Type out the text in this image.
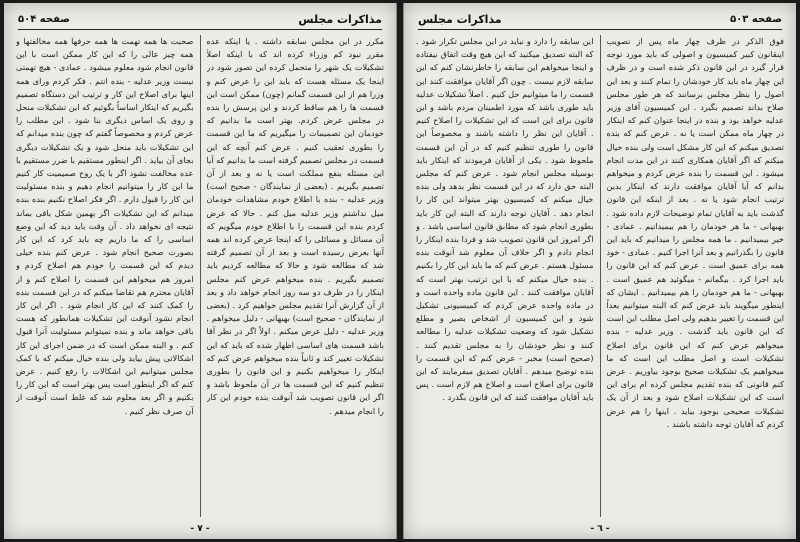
مذاکرات مجلس
صفحه ۵۰۴

مکرر در این مجلس سابقه داشته . یا اینکه عده مقرر نبود کم وزراء کرده اند که با اینکه اصلاً تشکیلات یک شهر را متحمل کرده این تصور شود در اینجا یک مسئله هست که باید این را عرض کنم و وزرا هم از این قسمت گمانم (چون) ممکن است این قسمت ها را هم ساقط کردند و این پرسش را بنده در مجلس عرض کردم. بهتر است ما بدانیم که خودمان این تصمیمات را میگیریم که ما این قسمت را بطوری تعقیب کنیم . عرض کنم آنچه که این قسمت در مجلس تصمیم گرفته است ما بدانیم که آیا این مسئله بنفع مملکت است یا نه و بعد از آن تصمیم بگیریم . (بعضی از نمایندگان - صحیح است) وزیر عدلیه - بنده با اطلاع خودم مشاهدات خودمان میل نداشتم وزیر عدلیه میل کنم . حالا که عرض کردم بنده این قسمت را با اطلاع خودم میگویم که آن مسائل و مسائلی را که اینجا عرض کرده اند همه آنها بعرض رسیده است و بعد از آن تصمیم گرفته شد که مطالعه شود و حالا که مطالعه کردیم باید تصمیم بگیریم . بنده میخواهم عرض کنم مجلس اینکار را در ظرف دو سه روز انجام خواهد داد و بعد از آن گزارش آنرا تقدیم مجلس خواهیم کرد . (بعضی از نمایندگان - صحیح است) بهبهانی - دلیل میخواهم . وزیر عدلیه - دلیل عرض میکنم . اولاً اگر در نظر آقا باشد قسمت های اساسی اظهار شده که باید که این تشکیلات تغییر کند و ثانیاً بنده میخواهم عرض کنم که اینکار را میخواهیم بکنیم و این قانون را بطوری تنظیم کنیم که این قسمت ها در آن ملحوظ باشد و اگر این قانون تصویب شد آنوقت بنده خودم این کار را انجام میدهم .

صحبت ها همه تهمت ها همه حرفها همه مخالفتها و همه چیز عالی را که این کار ممکن است با این قانون انجام شود معلوم میشود . عمادی - هیچ تهمتی نیست وزیر عدلیه - بنده انتم . فکر کردم ورای همه اینها برای اصلاح این کار و ترتیب این دستگاه تصمیم بگیریم که اینکار اساساً بگوئیم که این تشکیلات منحل و روی یک اساس دیگری بنا شود . این مطلب را عرض کردم و مخصوصاً گفتم که چون بنده میدانم که این تشکیلات باید منحل شود و یک تشکیلات دیگری بجای آن بیاید . اگر اینطور مستقیم با ضرر مستقیم با عده مخالفت نشود اگر با یک روح صمیمیت کار کنیم ما این کار را میتوانیم انجام دهیم و بنده مسئولیت این کار را قبول دارم . اگر فکر اصلاح نکنیم بنده بنده میدانم که این تشکیلات اگر بهمین شکل باقی بماند نتیجه ای نخواهد داد . آن وقت باید دید که این وضع اساسی را که ما داریم چه باید کرد که این کار بصورت صحیح انجام شود . عرض کنم بنده خیلی دیدم که این قسمت را خودم هم اصلاح کردم و امروز هم میخواهم این قسمت را اصلاح کنم و از آقایان محترم هم تقاضا میکنم که در این قسمت بنده را کمک کنند که این کار انجام شود . اگر این کار انجام نشود آنوقت این تشکیلات همانطور که هست باقی خواهد ماند و بنده نمیتوانم مسئولیت آنرا قبول کنم . و البته ممکن است که در ضمن اجرای این کار اشکالاتی پیش بیاید ولی بنده خیال میکنم که با کمک مجلس میتوانیم این اشکالات را رفع کنیم . عرض کنم که اگر اینطور است پس بهتر است که این کار را بکنیم و اگر بعد معلوم شد که غلط است آنوقت از آن صرف نظر کنیم .

- ٧ -
صفحه ۵۰۳
مذاکرات مجلس

فوق الذکر در ظرف چهار ماه پس از تصویب اینقانون کبیر کمیسیون و اصولی که باید مورد توجه قرار گیرد در این قانون ذکر شده است و در ظرف این چهار ماه باید کار خودشان را تمام کنند و بعد این اصول را بنظر مجلس برسانند که هر طور مجلس صلاح بداند تصمیم بگیرد . این کمیسیون آقای وزیر عدلیه خواهد بود و بنده در اینجا عنوان کنم که اینکار در چهار ماه ممکن است یا نه . عرض کنم که بنده تصدیق میکنم که این کار مشکل است ولی بنده خیال میکنم که اگر آقایان همکاری کنند در این مدت انجام میشود . این قسمت را بنده عرض کردم و میخواهم بدانم که آیا آقایان موافقت دارند که اینکار بدین ترتیب انجام شود یا نه . بعد از اینکه این قانون گذشت باید به آقایان تمام توضیحات لازم داده شود . بهبهانی - ما هر خودمان را هم بیمیدانیم . عمادی - خیر بیمیدانیم . ما همه مجلس را میدانیم که باید این قانون را بگذرانیم و بعد آنرا اجرا کنیم . عمادی - خود همه برای عمیق است . عرض کنم که این قانون را باید اجرا کرد . بیگمانم - میگوئید هم عمیق است . بهبهانی - ما هم خودمان را هم بیمیدانیم . ایشان که اینطور میگویند باید عرض کنم که البته میتوانیم بعداً این قسمت را تغییر بدهیم ولی اصل مطلب این است که این قانون باید گذشت . وزیر عدلیه - بنده میخواهم عرض کنم که این قانون برای اصلاح تشکیلات است و اصل مطلب این است که ما میخواهیم یک تشکیلات صحیح بوجود بیاوریم . عرض کنم قانونی که بنده تقدیم مجلس کرده ام برای این است که این تشکیلات اصلاح شود و بعد از آن یک تشکیلات صحیحی بوجود بیاید . اینها را هم عرض کردم که آقایان توجه داشته باشند .

این سابقه را دارد و نباید در این مجلس تکرار شود . که البته تصدیق میکنید که این هیچ وقت اتفاق نیفتاده و اینجا میخواهم این سابقه را خاطرنشان کنم که این سابقه لازم نیست . چون اگر آقایان موافقت کنند این قسمت را ما میتوانیم حل کنیم . اصلاً تشکیلات عدلیه باید طوری باشد که مورد اطمینان مردم باشد و این قانون برای این است که این تشکیلات را اصلاح کنیم . آقایان این نظر را داشته باشند و مخصوصاً این قانون را طوری تنظیم کنیم که در آن این قسمت ملحوظ شود . یکی از آقایان فرمودند که اینکار باید بوسیله مجلس انجام شود . عرض کنم که مجلس البته حق دارد که در این قسمت نظر بدهد ولی بنده خیال میکنم که کمیسیون بهتر میتواند این کار را انجام دهد . آقایان توجه دارند که البته این کار باید بطوری انجام شود که مطابق قانون اساسی باشد . و اگر امروز این قانون تصویب شد و فردا بنده اینکار را انجام دادم و اگر خلاف آن معلوم شد آنوقت بنده مسئول هستم . عرض کنم که ما باید این کار را بکنیم . بنده خیال میکنم که با این ترتیب بهتر است که آقایان موافقت کنند . این قانون ماده واحده است و در ماده واحده عرض کردم که کمیسیونی تشکیل شود و این کمیسیون از اشخاص بصیر و مطلع تشکیل شود که وضعیت تشکیلات عدلیه را مطالعه کنند و نظر خودشان را به مجلس تقدیم کنند . (صحیح است) مخبر - عرض کنم که این قسمت را بنده توضیح میدهم . آقایان تصدیق میفرمایند که این قانون برای اصلاح است و اصلاح هم لازم است . پس باید آقایان موافقت کنند که این قانون بگذرد .

- ٦ -
